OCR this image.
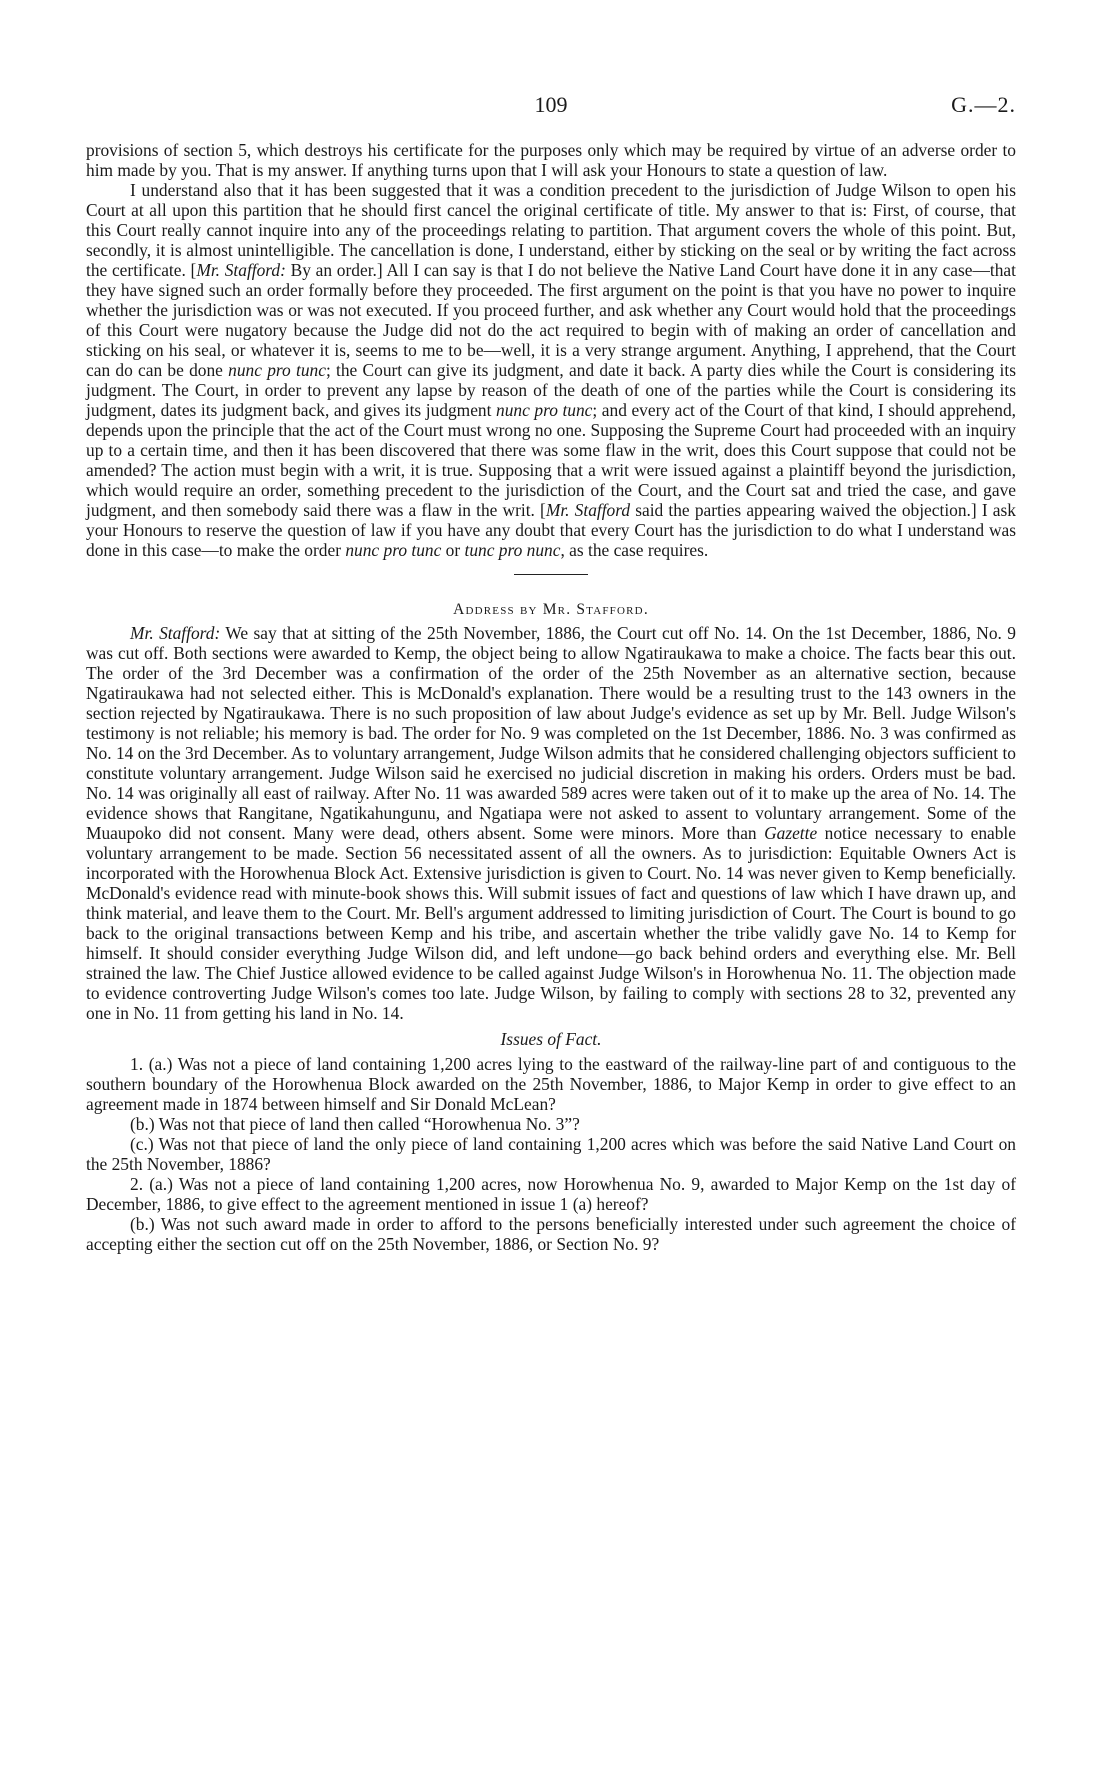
109	G.—2.

provisions of section 5, which destroys his certificate for the purposes only which may be required by virtue of an adverse order to him made by you. That is my answer. If anything turns upon that I will ask your Honours to state a question of law.

I understand also that it has been suggested that it was a condition precedent to the jurisdiction of Judge Wilson to open his Court at all upon this partition that he should first cancel the original certificate of title. My answer to that is: First, of course, that this Court really cannot inquire into any of the proceedings relating to partition. That argument covers the whole of this point. But, secondly, it is almost unintelligible. The cancellation is done, I understand, either by sticking on the seal or by writing the fact across the certificate. [Mr. Stafford: By an order.] All I can say is that I do not believe the Native Land Court have done it in any case—that they have signed such an order formally before they proceeded. The first argument on the point is that you have no power to inquire whether the jurisdiction was or was not executed. If you proceed further, and ask whether any Court would hold that the proceedings of this Court were nugatory because the Judge did not do the act required to begin with of making an order of cancellation and sticking on his seal, or whatever it is, seems to me to be—well, it is a very strange argument. Anything, I apprehend, that the Court can do can be done nunc pro tunc; the Court can give its judgment, and date it back. A party dies while the Court is considering its judgment. The Court, in order to prevent any lapse by reason of the death of one of the parties while the Court is considering its judgment, dates its judgment back, and gives its judgment nunc pro tunc; and every act of the Court of that kind, I should apprehend, depends upon the principle that the act of the Court must wrong no one. Supposing the Supreme Court had proceeded with an inquiry up to a certain time, and then it has been discovered that there was some flaw in the writ, does this Court suppose that could not be amended? The action must begin with a writ, it is true. Supposing that a writ were issued against a plaintiff beyond the jurisdiction, which would require an order, something precedent to the jurisdiction of the Court, and the Court sat and tried the case, and gave judgment, and then somebody said there was a flaw in the writ. [Mr. Stafford said the parties appearing waived the objection.] I ask your Honours to reserve the question of law if you have any doubt that every Court has the jurisdiction to do what I understand was done in this case—to make the order nunc pro tunc or tunc pro nunc, as the case requires.

Address by Mr. Stafford.

Mr. Stafford: We say that at sitting of the 25th November, 1886, the Court cut off No. 14. On the 1st December, 1886, No. 9 was cut off. Both sections were awarded to Kemp, the object being to allow Ngatiraukawa to make a choice. The facts bear this out. The order of the 3rd December was a confirmation of the order of the 25th November as an alternative section, because Ngatiraukawa had not selected either. This is McDonald's explanation. There would be a resulting trust to the 143 owners in the section rejected by Ngatiraukawa. There is no such proposition of law about Judge's evidence as set up by Mr. Bell. Judge Wilson's testimony is not reliable; his memory is bad. The order for No. 9 was completed on the 1st December, 1886. No. 3 was confirmed as No. 14 on the 3rd December. As to voluntary arrangement, Judge Wilson admits that he considered challenging objectors sufficient to constitute voluntary arrangement. Judge Wilson said he exercised no judicial discretion in making his orders. Orders must be bad. No. 14 was originally all east of railway. After No. 11 was awarded 589 acres were taken out of it to make up the area of No. 14. The evidence shows that Rangitane, Ngatikahungunu, and Ngatiapa were not asked to assent to voluntary arrangement. Some of the Muaupoko did not consent. Many were dead, others absent. Some were minors. More than Gazette notice necessary to enable voluntary arrangement to be made. Section 56 necessitated assent of all the owners. As to jurisdiction: Equitable Owners Act is incorporated with the Horowhenua Block Act. Extensive jurisdiction is given to Court. No. 14 was never given to Kemp beneficially. McDonald's evidence read with minute-book shows this. Will submit issues of fact and questions of law which I have drawn up, and think material, and leave them to the Court. Mr. Bell's argument addressed to limiting jurisdiction of Court. The Court is bound to go back to the original transactions between Kemp and his tribe, and ascertain whether the tribe validly gave No. 14 to Kemp for himself. It should consider everything Judge Wilson did, and left undone—go back behind orders and everything else. Mr. Bell strained the law. The Chief Justice allowed evidence to be called against Judge Wilson's in Horowhenua No. 11. The objection made to evidence controverting Judge Wilson's comes too late. Judge Wilson, by failing to comply with sections 28 to 32, prevented any one in No. 11 from getting his land in No. 14.

Issues of Fact.

1. (a.) Was not a piece of land containing 1,200 acres lying to the eastward of the railway-line part of and contiguous to the southern boundary of the Horowhenua Block awarded on the 25th November, 1886, to Major Kemp in order to give effect to an agreement made in 1874 between himself and Sir Donald McLean?

(b.) Was not that piece of land then called “Horowhenua No. 3”?

(c.) Was not that piece of land the only piece of land containing 1,200 acres which was before the said Native Land Court on the 25th November, 1886?

2. (a.) Was not a piece of land containing 1,200 acres, now Horowhenua No. 9, awarded to Major Kemp on the 1st day of December, 1886, to give effect to the agreement mentioned in issue 1 (a) hereof?

(b.) Was not such award made in order to afford to the persons beneficially interested under such agreement the choice of accepting either the section cut off on the 25th November, 1886, or Section No. 9?
